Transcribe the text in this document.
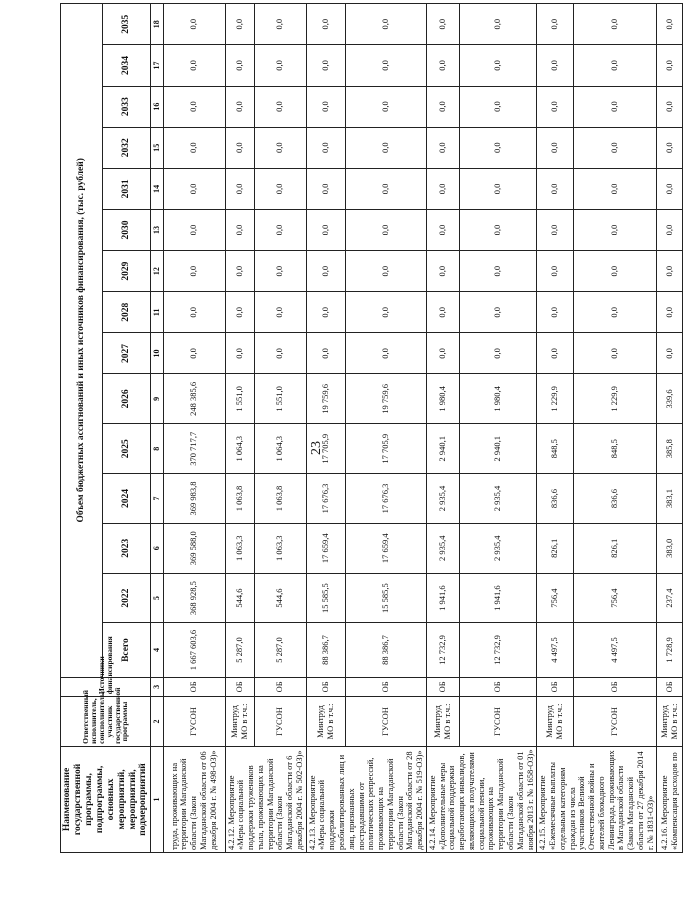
23
Наименование государственной программы, подпрограммы, основных мероприятий, мероприятий, подмероприятий	Ответственный исполнитель, соисполнитель, участник государственной программы	Источники финансирования	Объем бюджетных ассигнований и иных источников финансирования, (тыс. рублей)														
			Всего	2022	2023	2024	2025	2026	2027	2028	2029	2030	2031	2032	2033	2034	2035
1	2	3	4	5	6	7	8	9	10	11	12	13	14	15	16	17	18
труда, проживающих на территории Магаданской области (Закон Магаданской области от 06 декабря 2004 г. № 498-ОЗ)»	ГУСОН	ОБ	1 667 603,6	368 928,5	369 588,0	369 983,8	370 717,7	248 385,6	0,0	0,0	0,0	0,0	0,0	0,0	0,0	0,0	0,0
4.2.12. Мероприятие «Меры социальной поддержки тружеников тыла, проживающих на территории Магаданской области (Закон Магаданской области от 6 декабря 2004 г. № 502-ОЗ)»	Минтруд МО в т.ч.:	ОБ	5 287,0	544,6	1 063,3	1 063,8	1 064,3	1 551,0	0,0	0,0	0,0	0,0	0,0	0,0	0,0	0,0	0,0
	ГУСОН	ОБ	5 287,0	544,6	1 063,3	1 063,8	1 064,3	1 551,0	0,0	0,0	0,0	0,0	0,0	0,0	0,0	0,0	0,0
4.2.13. Мероприятие «Меры социальной поддержки реабилитированных лиц и лиц, признанных пострадавшими от политических репрессий, проживающих на территории Магаданской области (Закон Магаданской области от 28 декабря 2004 г. № 519-ОЗ)»	Минтруд МО в т.ч.:	ОБ	88 386,7	15 585,5	17 659,4	17 676,3	17 705,9	19 759,6	0,0	0,0	0,0	0,0	0,0	0,0	0,0	0,0	0,0
	ГУСОН	ОБ	88 386,7	15 585,5	17 659,4	17 676,3	17 705,9	19 759,6	0,0	0,0	0,0	0,0	0,0	0,0	0,0	0,0	0,0
4.2.14. Мероприятие «Дополнительные меры социальной поддержки неработающих инвалидов, являющихся получателями социальной пенсии, проживающих на территории Магаданской области (Закон Магаданской области от 01 ноября 2013 г. № 1658-ОЗ)»	Минтруд МО в т.ч.:	ОБ	12 732,9	1 941,6	2 935,4	2 935,4	2 940,1	1 980,4	0,0	0,0	0,0	0,0	0,0	0,0	0,0	0,0	0,0
	ГУСОН	ОБ	12 732,9	1 941,6	2 935,4	2 935,4	2 940,1	1 980,4	0,0	0,0	0,0	0,0	0,0	0,0	0,0	0,0	0,0
4.2.15. Мероприятие «Ежемесячные выплаты отдельным категориям граждан из числа участников Великой Отечественной войны и жителей блокадного Ленинграда, проживающих в Магаданской области (Закон Магаданской области от 27 декабря 2014 г. № 1831-ОЗ)»	Минтруд МО в т.ч.:	ОБ	4 497,5	756,4	826,1	836,6	848,5	1 229,9	0,0	0,0	0,0	0,0	0,0	0,0	0,0	0,0	0,0
	ГУСОН	ОБ	4 497,5	756,4	826,1	836,6	848,5	1 229,9	0,0	0,0	0,0	0,0	0,0	0,0	0,0	0,0	0,0
4.2.16. Мероприятие «Компенсация расходов по	Минтруд МО в т.ч.:	ОБ	1 728,9	237,4	383,0	383,1	385,8	339,6	0,0	0,0	0,0	0,0	0,0	0,0	0,0	0,0	0,0
